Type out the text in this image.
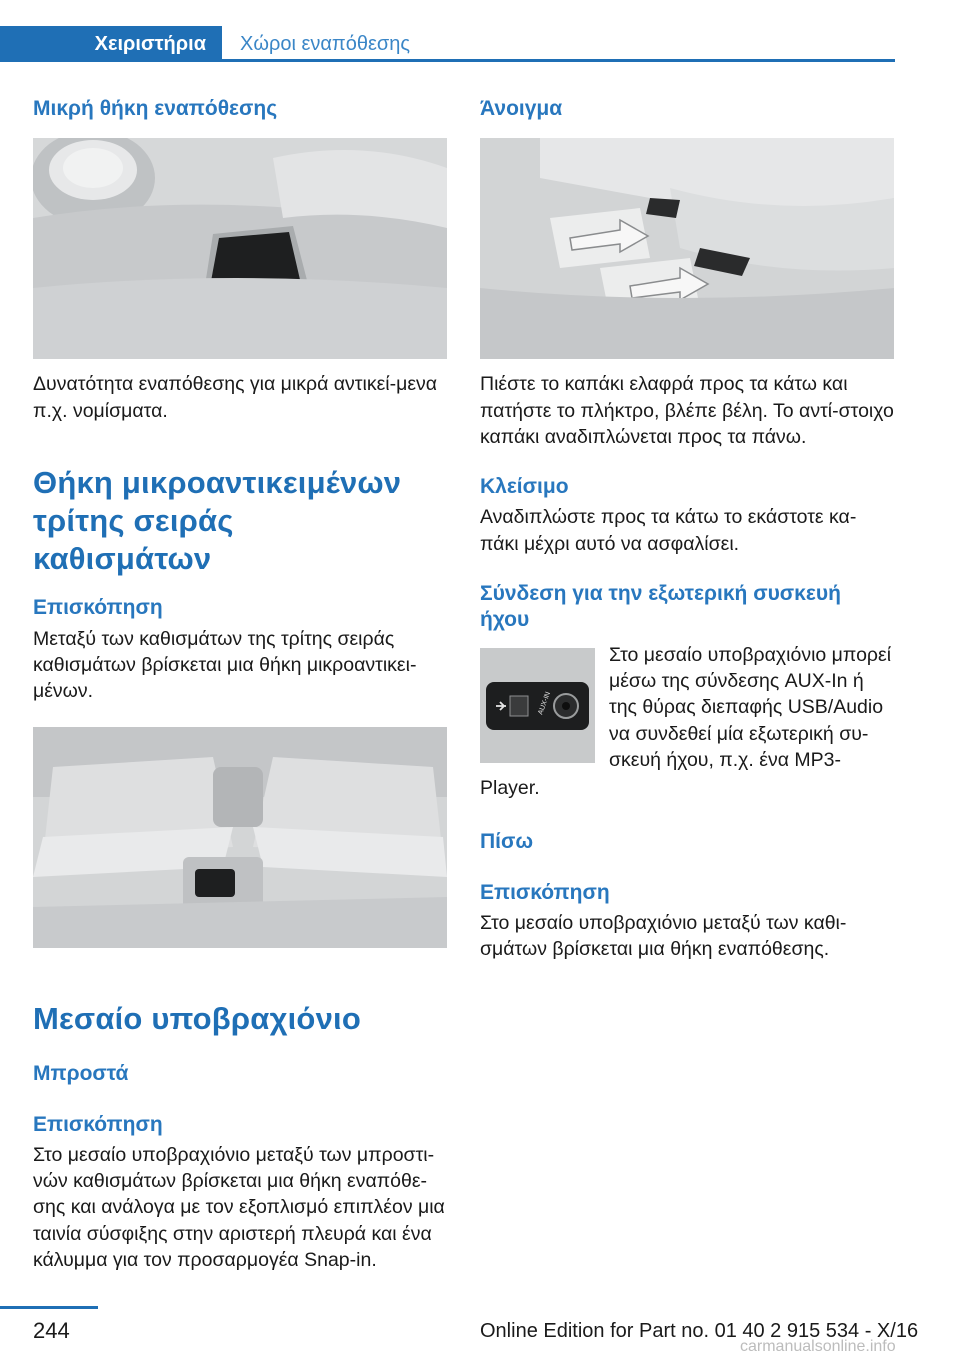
Χειριστήρια	Χώροι εναπόθεσης
Μικρή θήκη εναπόθεσης

Δυνατότητα εναπόθεσης για μικρά αντικεί-μενα π.χ. νομίσματα.

Θήκη μικροαντικειμένων τρίτης σειράς καθισμάτων
Επισκόπηση

Μεταξύ των καθισμάτων της τρίτης σειράς καθισμάτων βρίσκεται μια θήκη μικροαντικει-μένων.

Μεσαίο υποβραχιόνιο
Μπροστά
Επισκόπηση

Στο μεσαίο υποβραχιόνιο μεταξύ των μπροστι-νών καθισμάτων βρίσκεται μια θήκη εναπόθε-σης και ανάλογα με τον εξοπλισμό επιπλέον μια ταινία σύσφιξης στην αριστερή πλευρά και ένα κάλυμμα για τον προσαρμογέα Snap-in.

Άνοιγμα

Πιέστε το καπάκι ελαφρά προς τα κάτω και πατήστε το πλήκτρο, βλέπε βέλη. Το αντί-στοιχο καπάκι αναδιπλώνεται προς τα πάνω.

Κλείσιμο

Αναδιπλώστε προς τα κάτω το εκάστοτε κα-πάκι μέχρι αυτό να ασφαλίσει.

Σύνδεση για την εξωτερική συσκευή ήχου
AUX-IN

Στο μεσαίο υποβραχιόνιο μπορεί μέσω της σύνδεσης AUX-In ή της θύρας διεπαφής USB/Audio να συνδεθεί μία εξωτερική συ-σκευή ήχου, π.χ. ένα MP3-

Player.

Πίσω
Επισκόπηση

Στο μεσαίο υποβραχιόνιο μεταξύ των καθι-σμάτων βρίσκεται μια θήκη εναπόθεσης.

244	Online Edition for Part no. 01 40 2 915 534 - X/16
carmanualsonline.info
